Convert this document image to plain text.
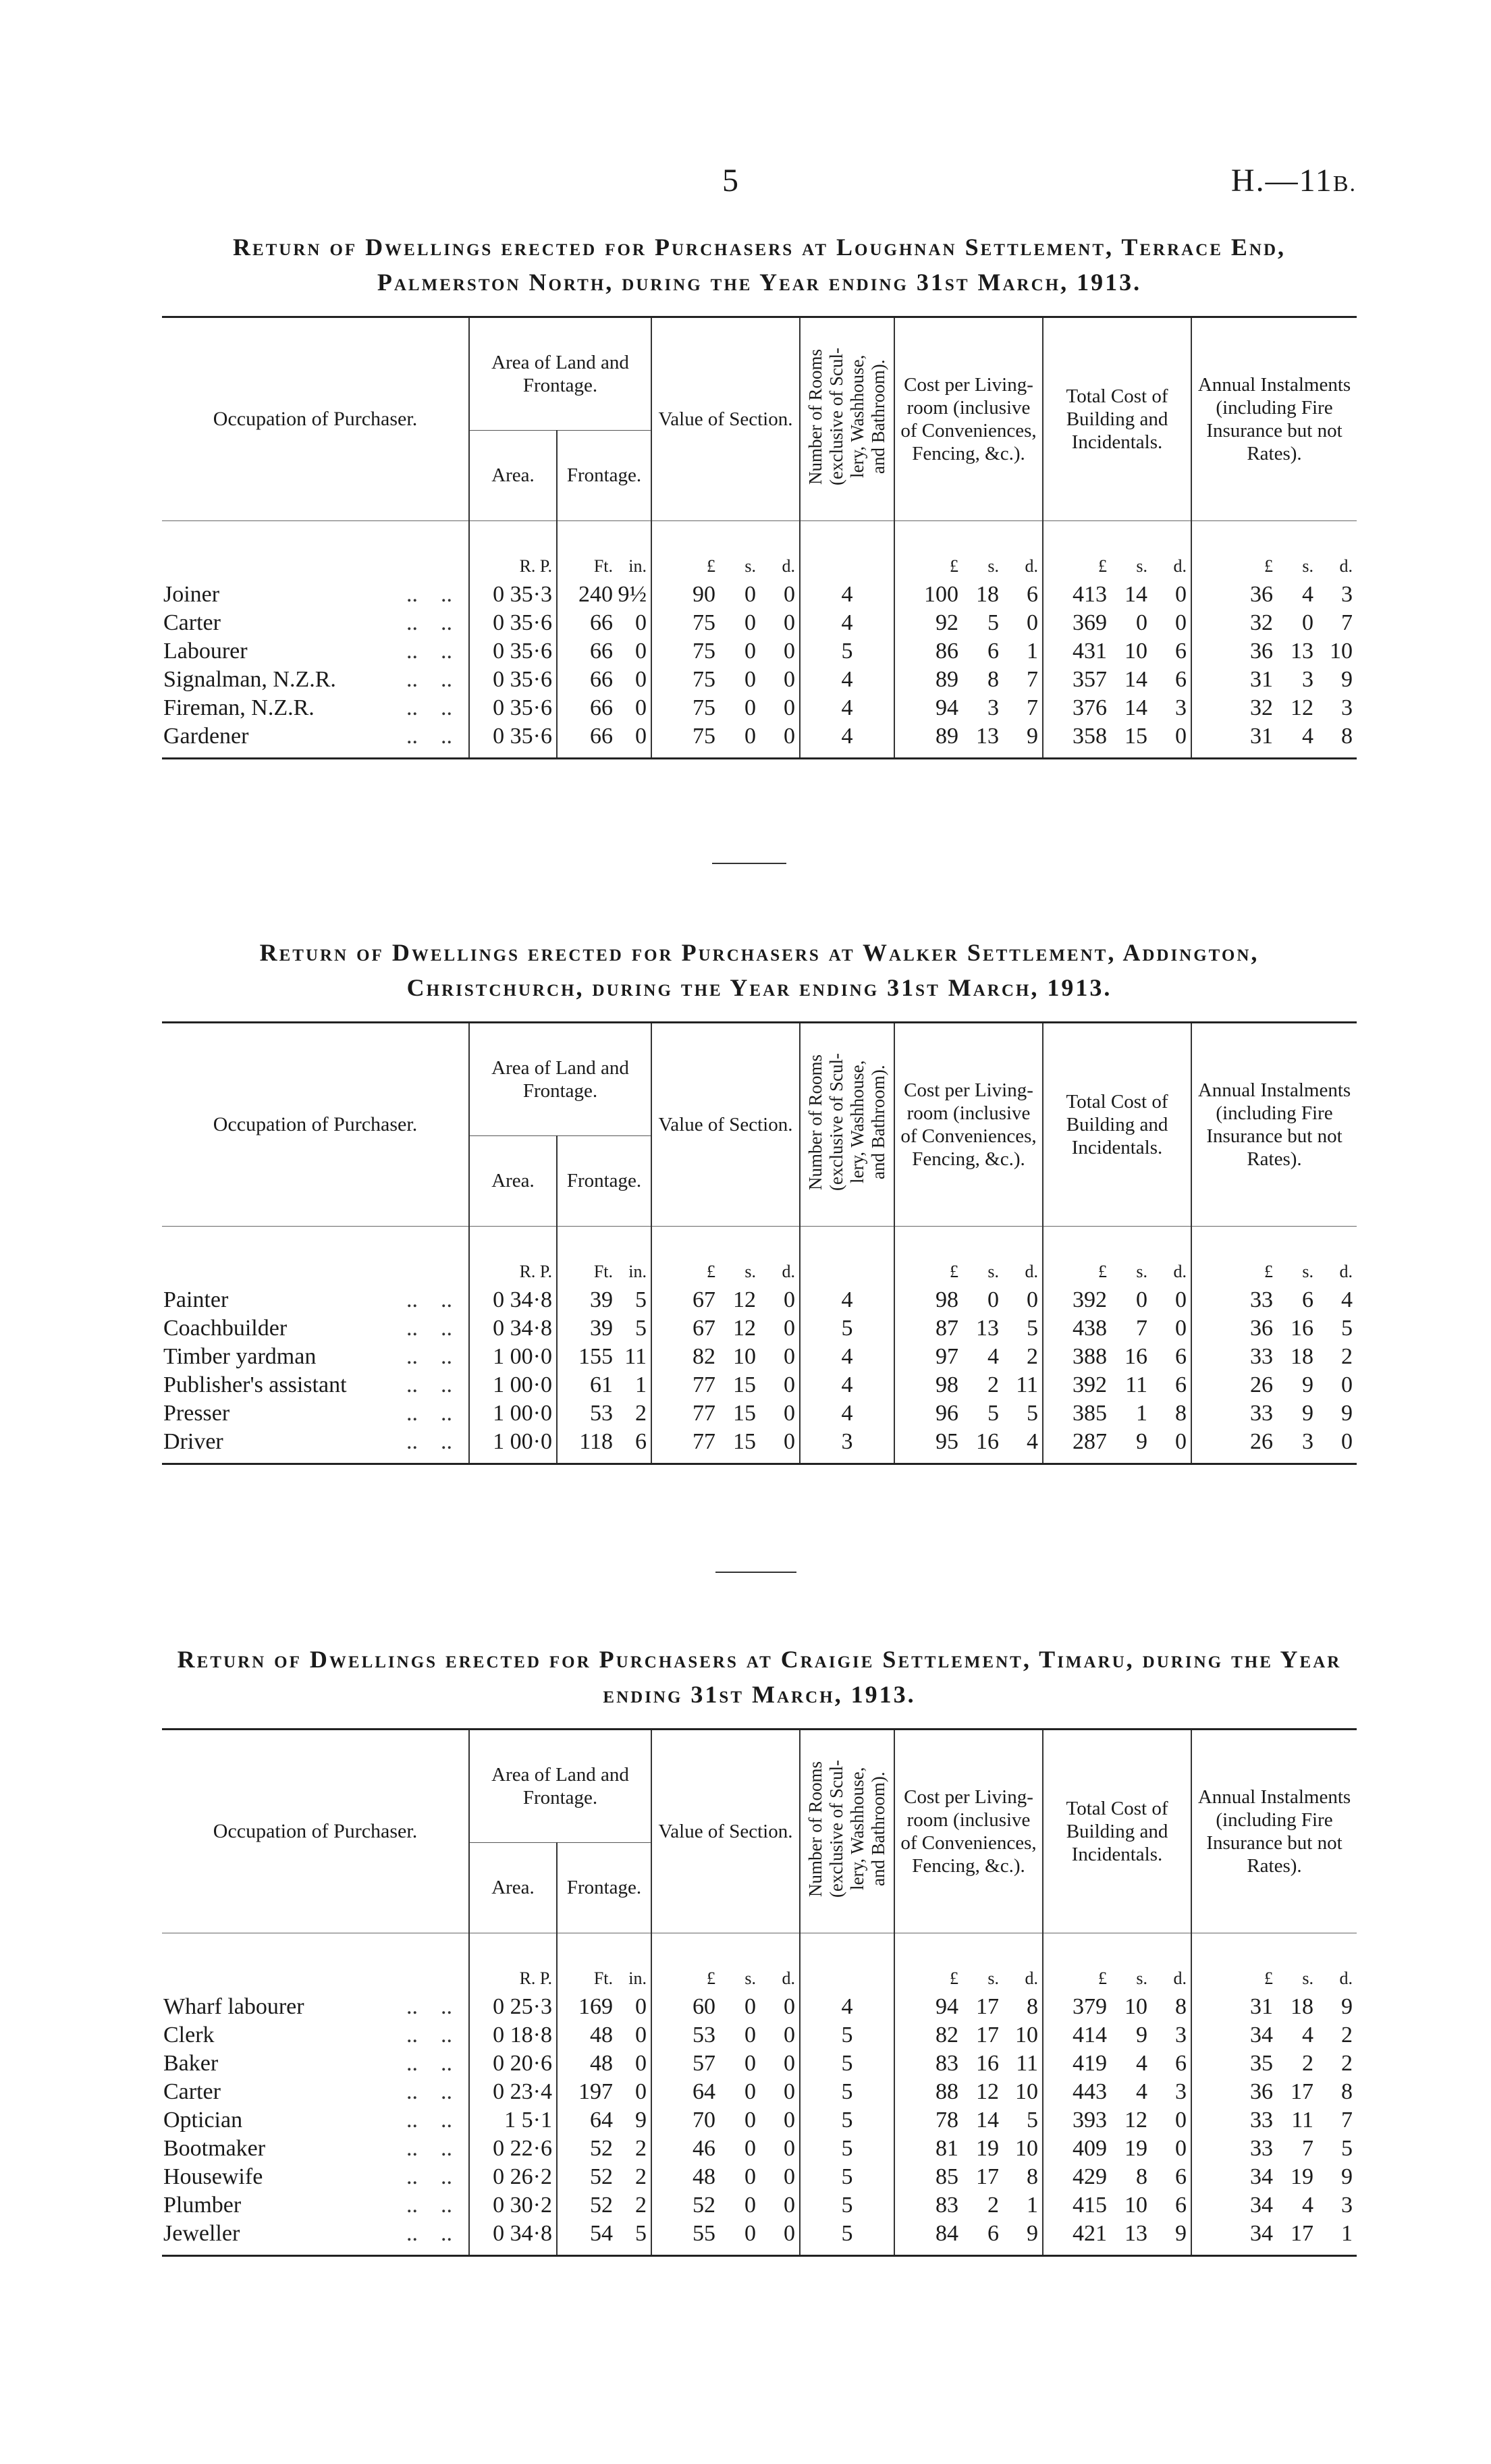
5	H.—11B.
Return of Dwellings erected for Purchasers at Loughnan Settlement, Terrace End, Palmerston North, during the Year ending 31st March, 1913.
Occupation of Purchaser.	Area of Land and Frontage.		Value of Section.	Number of Rooms
(exclusive of Scul-
lery, Washhouse,
and Bathroom).	Cost per Living-room (inclusive of Conveniences, Fencing, &c.).	Total Cost of Building and Incidentals.	Annual Instalments (including Fire Insurance but not Rates).
	Area.	Frontage.					
	R. P.	Ft. in.	£ s. d.		£ s. d.	£ s. d.	£ s. d.

Joiner ..    ..	0 35·3	240 9½	90 0 0	4	100 18 6	413 14 0	36 4 3

Carter ..    ..	0 35·6	66 0	75 0 0	4	92 5 0	369 0 0	32 0 7

Labourer ..    ..	0 35·6	66 0	75 0 0	5	86 6 1	431 10 6	36 13 10

Signalman, N.Z.R. ..    ..	0 35·6	66 0	75 0 0	4	89 8 7	357 14 6	31 3 9

Fireman, N.Z.R. ..    ..	0 35·6	66 0	75 0 0	4	94 3 7	376 14 3	32 12 3

Gardener ..    ..	0 35·6	66 0	75 0 0	4	89 13 9	358 15 0	31 4 8
Return of Dwellings erected for Purchasers at Walker Settlement, Addington, Christchurch, during the Year ending 31st March, 1913.
Occupation of Purchaser.	Area of Land and Frontage.		Value of Section.	Number of Rooms
(exclusive of Scul-
lery, Washhouse,
and Bathroom).	Cost per Living-room (inclusive of Conveniences, Fencing, &c.).	Total Cost of Building and Incidentals.	Annual Instalments (including Fire Insurance but not Rates).
	Area.	Frontage.					
	R. P.	Ft. in.	£ s. d.		£ s. d.	£ s. d.	£ s. d.

Painter ..    ..	0 34·8	39 5	67 12 0	4	98 0 0	392 0 0	33 6 4

Coachbuilder ..    ..	0 34·8	39 5	67 12 0	5	87 13 5	438 7 0	36 16 5

Timber yardman ..    ..	1 00·0	155 11	82 10 0	4	97 4 2	388 16 6	33 18 2

Publisher's assistant ..    ..	1 00·0	61 1	77 15 0	4	98 2 11	392 11 6	26 9 0

Presser ..    ..	1 00·0	53 2	77 15 0	4	96 5 5	385 1 8	33 9 9

Driver ..    ..	1 00·0	118 6	77 15 0	3	95 16 4	287 9 0	26 3 0
Return of Dwellings erected for Purchasers at Craigie Settlement, Timaru, during the Year ending 31st March, 1913.
Occupation of Purchaser.	Area of Land and Frontage.		Value of Section.	Number of Rooms
(exclusive of Scul-
lery, Washhouse,
and Bathroom).	Cost per Living-room (inclusive of Conveniences, Fencing, &c.).	Total Cost of Building and Incidentals.	Annual Instalments (including Fire Insurance but not Rates).
	Area.	Frontage.					
	R. P.	Ft. in.	£ s. d.		£ s. d.	£ s. d.	£ s. d.

Wharf labourer ..    ..	0 25·3	169 0	60 0 0	4	94 17 8	379 10 8	31 18 9

Clerk ..    ..	0 18·8	48 0	53 0 0	5	82 17 10	414 9 3	34 4 2

Baker ..    ..	0 20·6	48 0	57 0 0	5	83 16 11	419 4 6	35 2 2

Carter ..    ..	0 23·4	197 0	64 0 0	5	88 12 10	443 4 3	36 17 8

Optician ..    ..	1 5·1	64 9	70 0 0	5	78 14 5	393 12 0	33 11 7

Bootmaker ..    ..	0 22·6	52 2	46 0 0	5	81 19 10	409 19 0	33 7 5

Housewife ..    ..	0 26·2	52 2	48 0 0	5	85 17 8	429 8 6	34 19 9

Plumber ..    ..	0 30·2	52 2	52 0 0	5	83 2 1	415 10 6	34 4 3

Jeweller ..    ..	0 34·8	54 5	55 0 0	5	84 6 9	421 13 9	34 17 1
